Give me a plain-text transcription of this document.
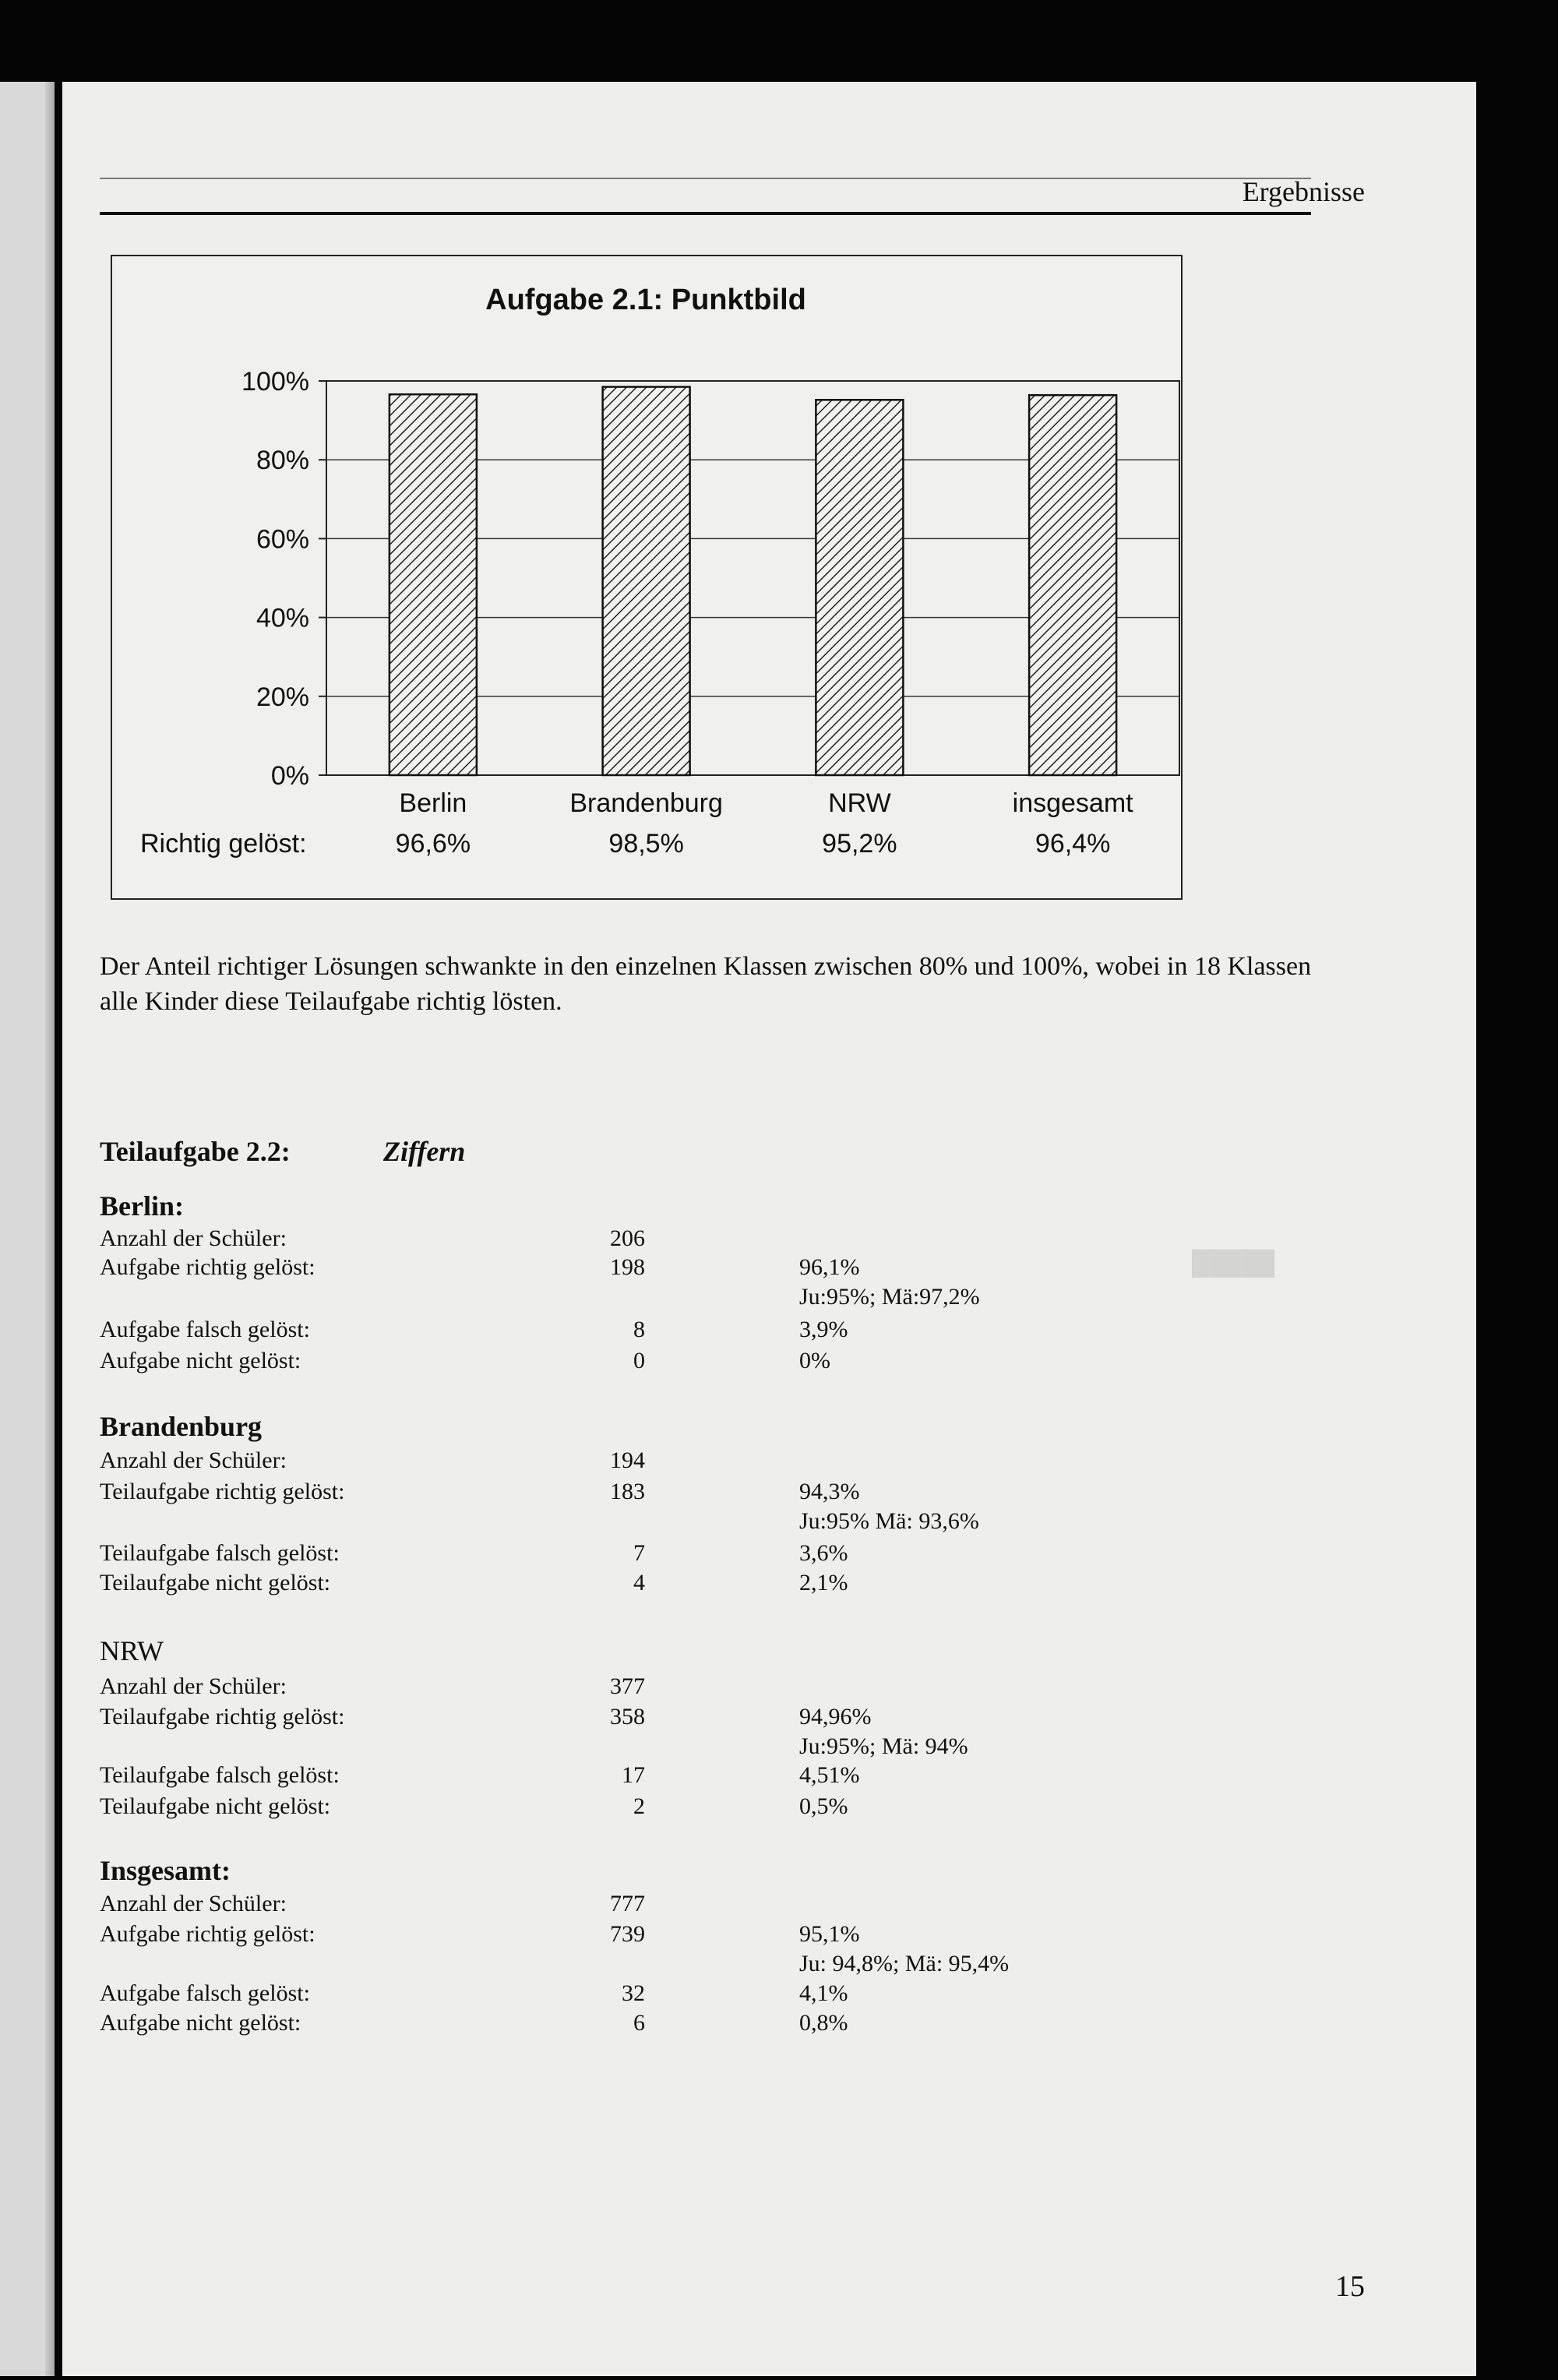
█████
Ergebnisse
Aufgabe 2.1: Punktbild
0%
20%
40%
60%
80%
100%
Berlin	Brandenburg	NRW	insgesamt
Richtig gelöst:	96,6%	98,5%	95,2%	96,4%
Der Anteil richtiger Lösungen schwankte in den einzelnen Klassen zwischen 80% und 100%, wobei in 18 Klassen alle Kinder diese Teilaufgabe richtig lösten.
Teilaufgabe 2.2:	Ziffern
Berlin:
Anzahl der Schüler:	206
Aufgabe richtig gelöst:	198	96,1%
Ju:95%; Mä:97,2%
Aufgabe falsch gelöst:	8	3,9%
Aufgabe nicht gelöst:	0	0%
Brandenburg
Anzahl der Schüler:	194
Teilaufgabe richtig gelöst:	183	94,3%
Ju:95% Mä: 93,6%
Teilaufgabe falsch gelöst:	7	3,6%
Teilaufgabe nicht gelöst:	4	2,1%
NRW
Anzahl der Schüler:	377
Teilaufgabe richtig gelöst:	358	94,96%
Ju:95%; Mä: 94%
Teilaufgabe falsch gelöst:	17	4,51%
Teilaufgabe nicht gelöst:	2	0,5%
Insgesamt:
Anzahl der Schüler:	777
Aufgabe richtig gelöst:	739	95,1%
Ju: 94,8%; Mä: 95,4%
Aufgabe falsch gelöst:	32	4,1%
Aufgabe nicht gelöst:	6	0,8%
15
